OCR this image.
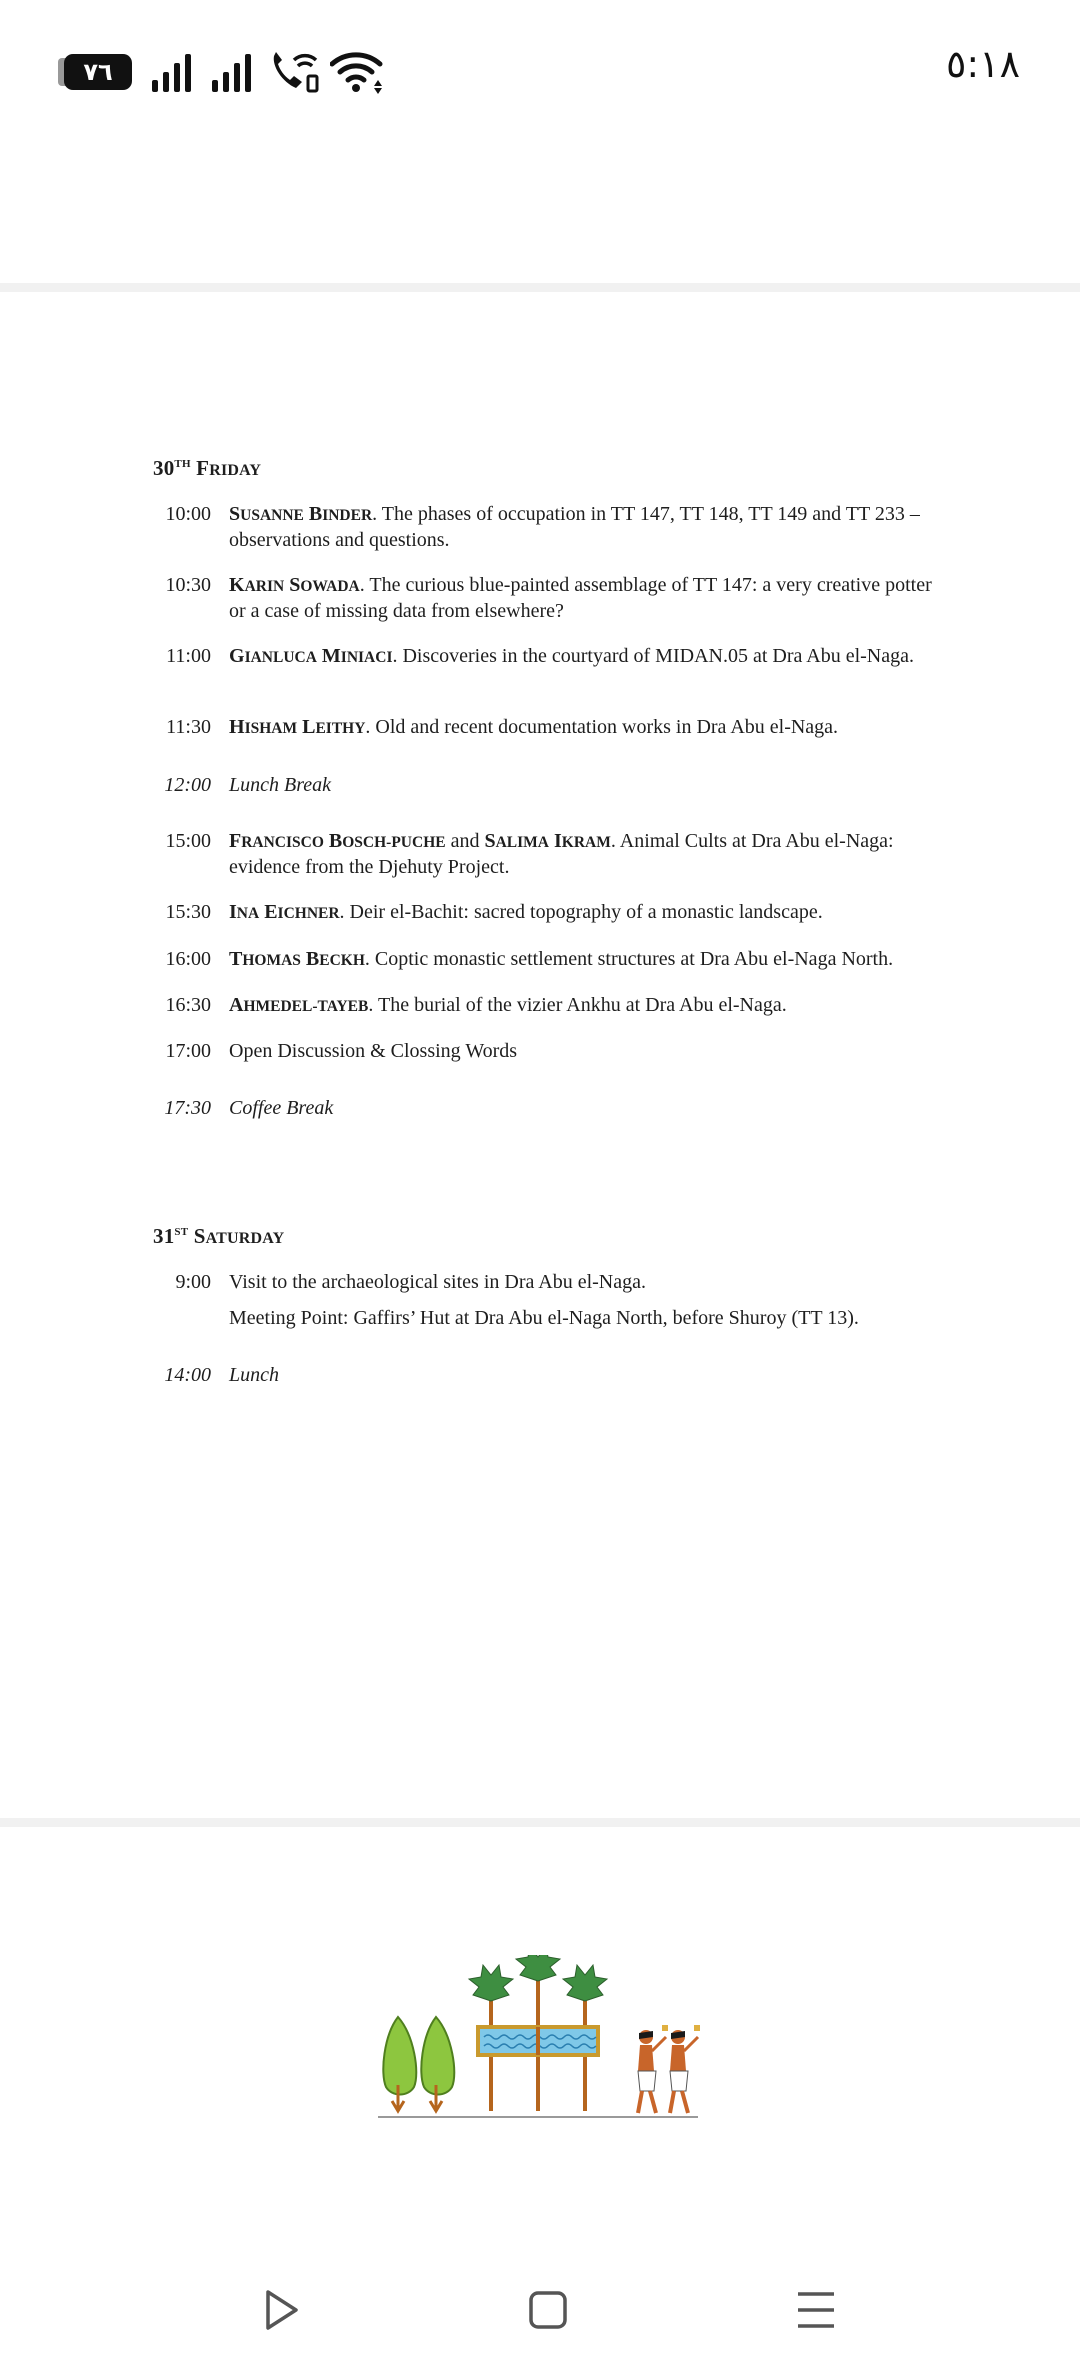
٧٦	٥:١٨
30TH FRIDAY
10:00 SUSANNE BINDER. The phases of occupation in TT 147, TT 148, TT 149 and TT 233 – observations and questions.
10:30 KARIN SOWADA. The curious blue-painted assemblage of TT 147: a very creative potter or a case of missing data from elsewhere?
11:00 GIANLUCA MINIACI. Discoveries in the courtyard of MIDAN.05 at Dra Abu el-Naga.
11:30 HISHAM LEITHY. Old and recent documentation works in Dra Abu el-Naga.
12:00 Lunch Break
15:00 FRANCISCO BOSCH-PUCHE and SALIMA IKRAM. Animal Cults at Dra Abu el-Naga: evidence from the Djehuty Project.
15:30 INA EICHNER. Deir el-Bachit: sacred topography of a monastic landscape.
16:00 THOMAS BECKH. Coptic monastic settlement structures at Dra Abu el-Naga North.
16:30 AHMEDEL-TAYEB. The burial of the vizier Ankhu at Dra Abu el-Naga.
17:00 Open Discussion & Clossing Words
17:30 Coffee Break
31ST SATURDAY
9:00 Visit to the archaeological sites in Dra Abu el-Naga.
Meeting Point: Gaffirs’ Hut at Dra Abu el-Naga North, before Shuroy (TT 13).
14:00 Lunch
